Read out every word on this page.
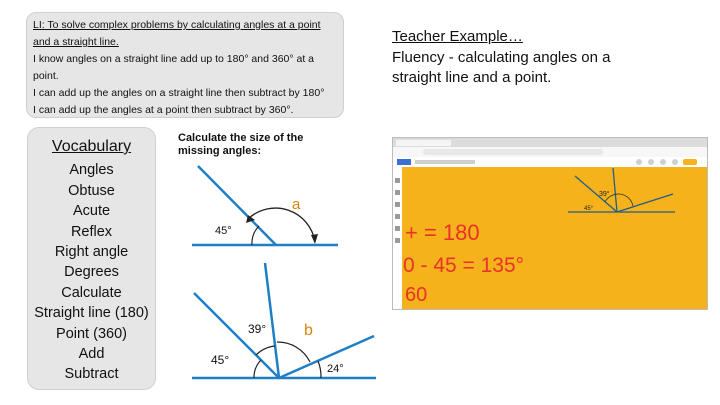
LI: To solve complex problems by calculating angles at a point
and a straight line.
I know angles on a straight line add up to 180° and 360° at a
point.
I can add up the angles on a straight line then subtract by 180°
I can add up the angles at a point then subtract by 360°.
Vocabulary
Angles
Obtuse
Acute
Reflex
Right angle
Degrees
Calculate
Straight line (180)
Point (360)
Add
Subtract
Calculate the size of the
missing angles:
45°
a
45°
39°
24°
b
Teacher Example…
Fluency - calculating angles on a
straight line and a point.
39°
45°
+ = 180
0 - 45 = 135°
60
